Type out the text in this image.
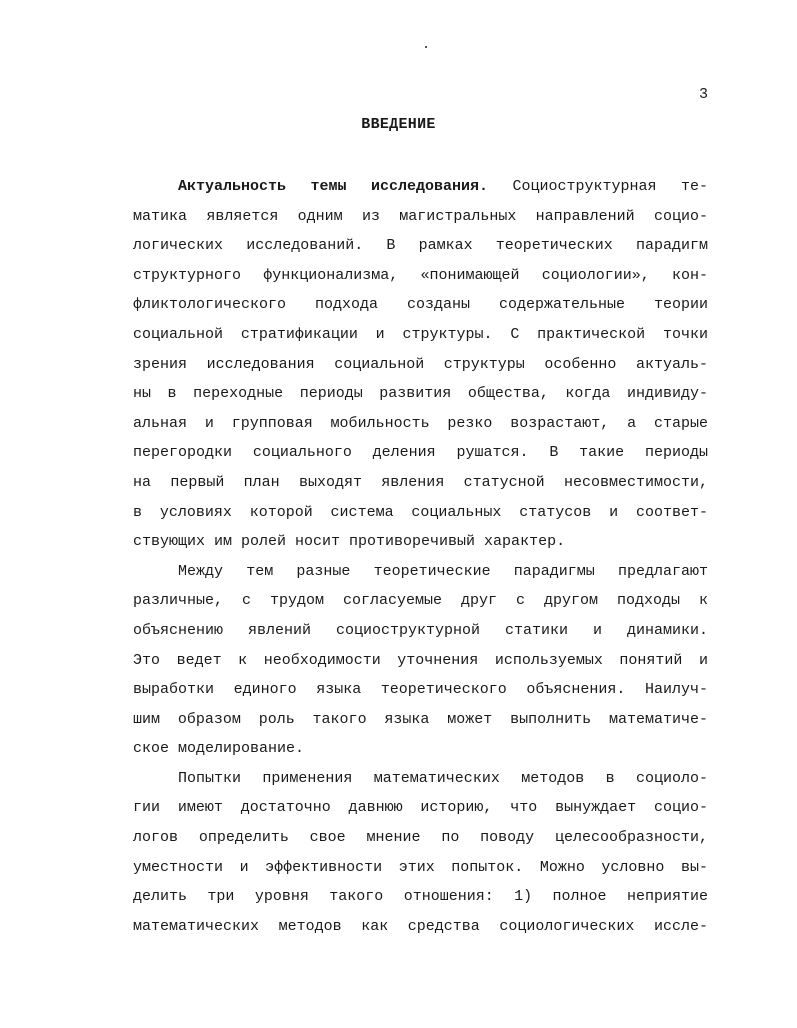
3
ВВЕДЕНИЕ
Актуальность темы исследования. Социоструктурная те-
матика является одним из магистральных направлений социо-
логических исследований. В рамках теоретических парадигм
структурного функционализма, «понимающей социологии», кон-
фликтологического подхода созданы содержательные теории
социальной стратификации и структуры. С практической точки
зрения исследования социальной структуры особенно актуаль-
ны в переходные периоды развития общества, когда индивиду-
альная и групповая мобильность резко возрастают, а старые
перегородки социального деления рушатся. В такие периоды
на первый план выходят явления статусной несовместимости,
в условиях которой система социальных статусов и соответ-
ствующих им ролей носит противоречивый характер.
Между тем разные теоретические парадигмы предлагают
различные, с трудом согласуемые друг с другом подходы к
объяснению явлений социоструктурной статики и динамики.
Это ведет к необходимости уточнения используемых понятий и
выработки единого языка теоретического объяснения. Наилуч-
шим образом роль такого языка может выполнить математиче-
ское моделирование.
Попытки применения математических методов в социоло-
гии имеют достаточно давнюю историю, что вынуждает социо-
логов определить свое мнение по поводу целесообразности,
уместности и эффективности этих попыток. Можно условно вы-
делить три уровня такого отношения: 1) полное неприятие
математических методов как средства социологических иссле-
